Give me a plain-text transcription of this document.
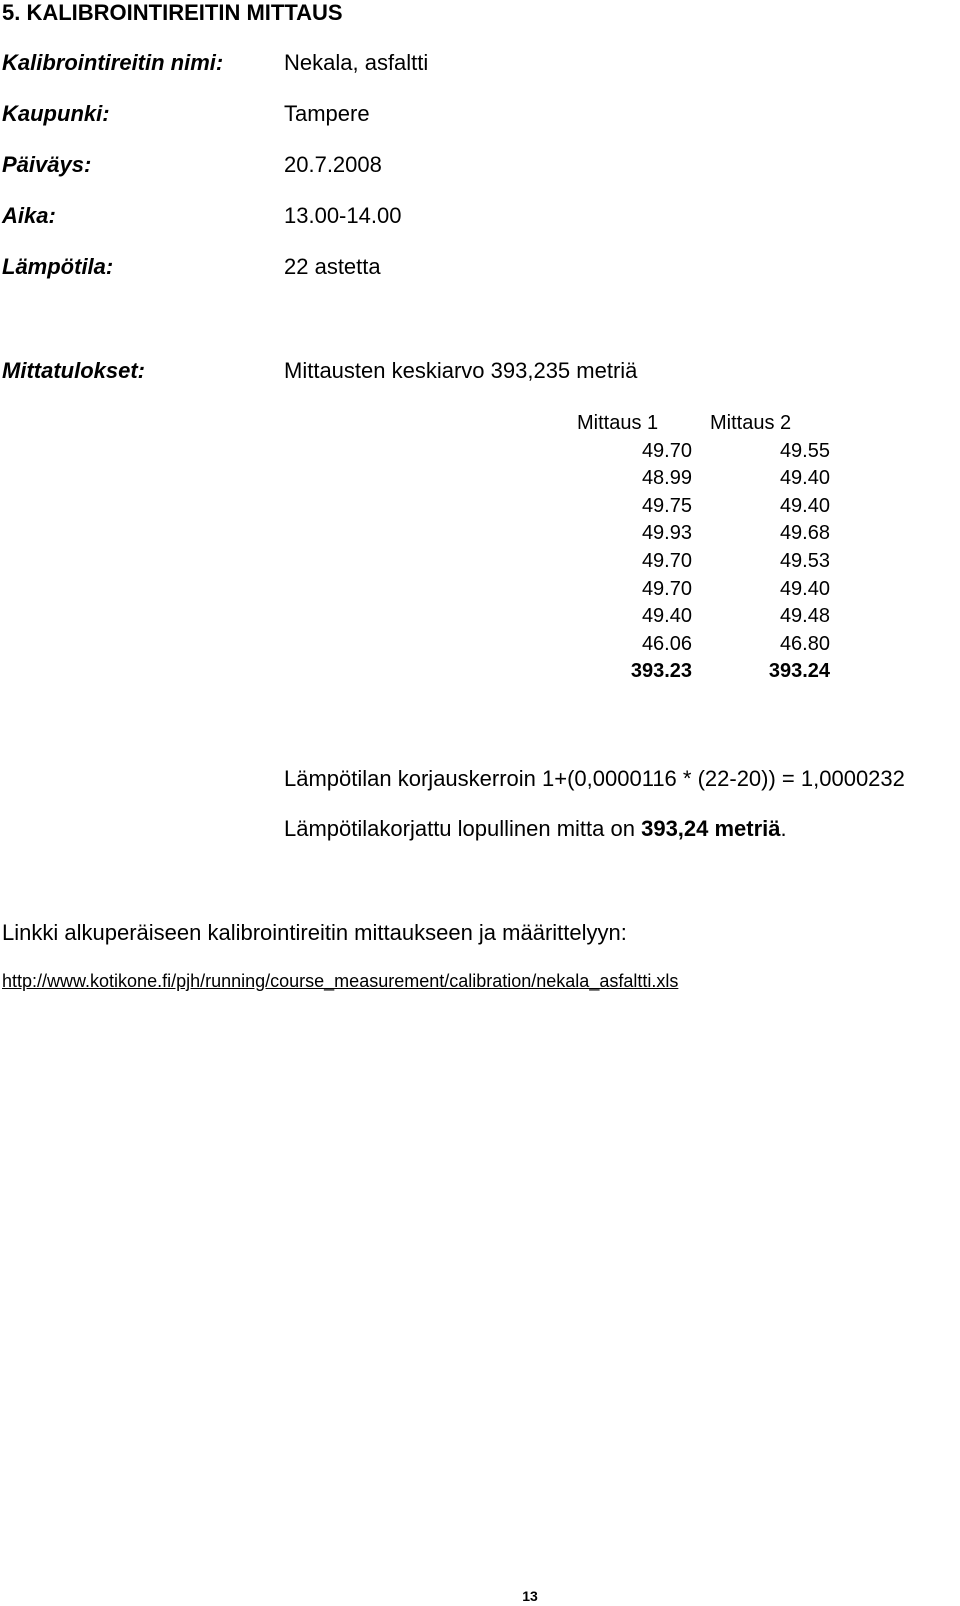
5. KALIBROINTIREITIN MITTAUS
Kalibrointireitin nimi:	Nekala, asfaltti
Kaupunki:	Tampere
Päiväys:	20.7.2008
Aika:	13.00-14.00
Lämpötila:	22 astetta
Mittatulokset:	Mittausten keskiarvo 393,235 metriä
Mittaus 1	Mittaus 2
49.70	49.55
48.99	49.40
49.75	49.40
49.93	49.68
49.70	49.53
49.70	49.40
49.40	49.48
46.06	46.80
393.23	393.24
Lämpötilan korjauskerroin 1+(0,0000116 * (22-20)) = 1,0000232
Lämpötilakorjattu lopullinen mitta on 393,24 metriä.
Linkki alkuperäiseen kalibrointireitin mittaukseen ja määrittelyyn:
http://www.kotikone.fi/pjh/running/course_measurement/calibration/nekala_asfaltti.xls
13
